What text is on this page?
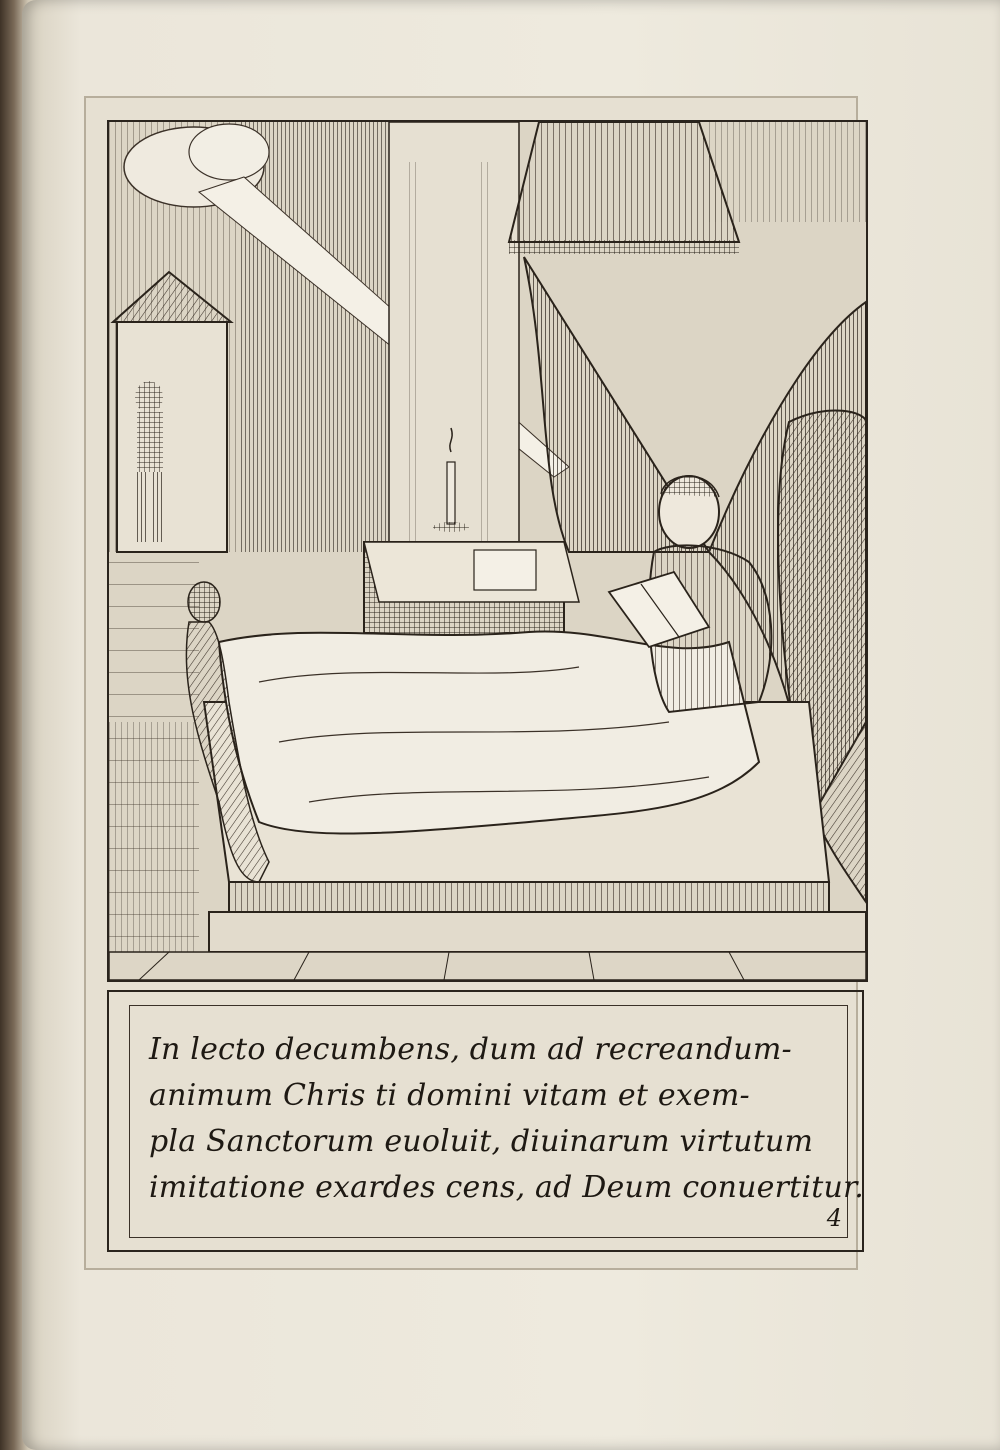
In lecto decumbens, dum ad recreandum-
animum Chris ti domini vitam et exem-
pla Sanctorum euoluit, diuinarum virtutum
imitatione exardes cens, ad Deum conuertitur.
4
